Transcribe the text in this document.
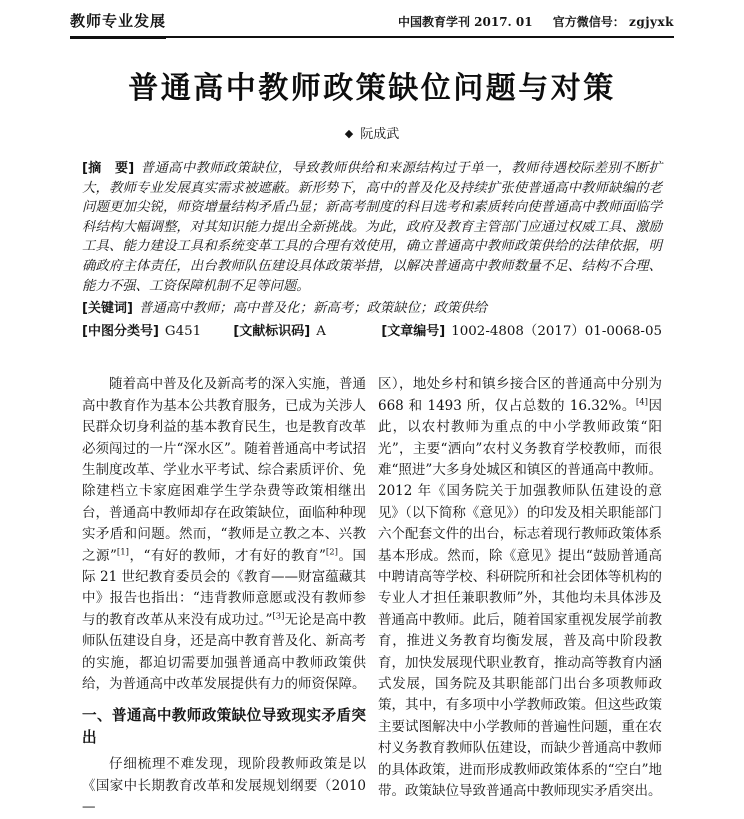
教师专业发展	中国教育学刊 2017. 01 官方微信号： zgjyxk
普通高中教师政策缺位问题与对策
◆ 阮成武

[摘　要] 普通高中教师政策缺位，导致教师供给和来源结构过于单一，教师待遇校际差别不断扩大，教师专业发展真实需求被遮蔽。新形势下，高中的普及化及持续扩张使普通高中教师缺编的老问题更加尖锐，师资增量结构矛盾凸显；新高考制度的科目选考和素质转向使普通高中教师面临学科结构大幅调整，对其知识能力提出全新挑战。为此，政府及教育主管部门应通过权威工具、激励工具、能力建设工具和系统变革工具的合理有效使用，确立普通高中教师政策供给的法律依据，明确政府主体责任，出台教师队伍建设具体政策举措，以解决普通高中教师数量不足、结构不合理、能力不强、工资保障机制不足等问题。

[关键词] 普通高中教师；高中普及化；新高考；政策缺位；政策供给

[中图分类号] G451	[文献标识码] A	[文章编号] 1002-4808（2017）01-0068-05

随着高中普及化及新高考的深入实施，普通高中教育作为基本公共教育服务，已成为关涉人民群众切身利益的基本教育民生，也是教育改革必须闯过的一片“深水区”。随着普通高中考试招生制度改革、学业水平考试、综合素质评价、免除建档立卡家庭困难学生学杂费等政策相继出台，普通高中教师却存在政策缺位，面临种种现实矛盾和问题。然而，“教师是立教之本、兴教之源”[1]，“有好的教师，才有好的教育”[2]。国际 21 世纪教育委员会的《教育——财富蕴藏其中》报告也指出：“违背教师意愿或没有教师参与的教育改革从来没有成功过。”[3]无论是高中教师队伍建设自身，还是高中教育普及化、新高考的实施，都迫切需要加强普通高中教师政策供给，为普通高中改革发展提供有力的师资保障。

一、普通高中教师政策缺位导致现实矛盾突出

仔细梳理不难发现，现阶段教师政策是以《国家中长期教育改革和发展规划纲要（2010—

区），地处乡村和镇乡接合区的普通高中分别为 668 和 1493 所，仅占总数的 16.32%。[4]因此，以农村教师为重点的中小学教师政策“阳光”，主要“洒向”农村义务教育学校教师，而很难“照进”大多身处城区和镇区的普通高中教师。2012 年《国务院关于加强教师队伍建设的意见》（以下简称《意见》）的印发及相关职能部门六个配套文件的出台，标志着现行教师政策体系基本形成。然而，除《意见》提出“鼓励普通高中聘请高等学校、科研院所和社会团体等机构的专业人才担任兼职教师”外，其他均未具体涉及普通高中教师。此后，随着国家重视发展学前教育，推进义务教育均衡发展，普及高中阶段教育，加快发展现代职业教育，推动高等教育内涵式发展，国务院及其职能部门出台多项教师政策，其中，有多项中小学教师政策。但这些政策主要试图解决中小学教师的普遍性问题，重在农村义务教育教师队伍建设，而缺少普通高中教师的具体政策，进而形成教师政策体系的“空白”地带。政策缺位导致普通高中教师现实矛盾突出。
